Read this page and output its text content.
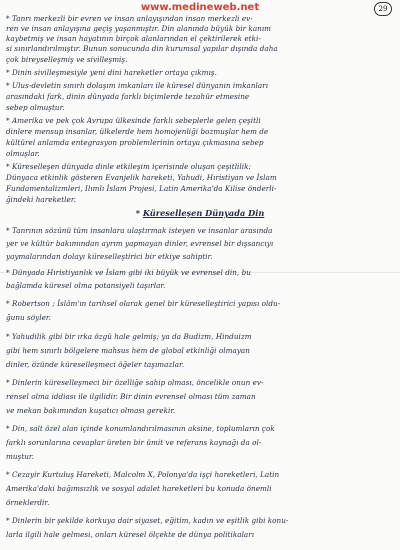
www.medineweb.net	29
* Tanrı merkezli bir evren ve insan anlayışından insan merkezli ev-
ren ve insan anlayışına geçiş yaşanmıştır. Din alanında büyük bir kanım
kaybetmiş ve insan hayatının birçok alanlarından el çektirilerek etki-
si sınırlandırılmıştır. Bunun sonucunda din kurumsal yapılar dışında daha
çok bireyselleşmiş ve sivilleşmiş.
* Dinin sivilleşmesiyle yeni dini hareketler ortaya çıkmış.
* Ulus-devletin sınırlı dolaşım imkanları ile küresel dünyanın imkanları
arasındaki fark, dinin dünyada farklı biçimlerde tezahür etmesine
sebep olmuştur.
* Amerika ve pek çok Avrupa ülkesinde farklı sebeplerle gelen çeşitli
dinlere mensup insanlar, ülkelerde hem homojenliği bozmuşlar hem de
kültürel anlamda entegrasyon problemlerinin ortaya çıkmasına sebep
olmuşlar.
* Küreselleşen dünyada dinle etkileşim içerisinde oluşan çeşitlilik:
Dünyaca etkinlik gösteren Evanjelik hareketi, Yahudi, Hıristiyan ve İslam
Fundamentalizmleri, Ilımlı İslam Projesi, Latin Amerika'da Kilise önderli-
ğindeki hareketler.
* Küreselleşen Dünyada Din
* Tanrının sözünü tüm insanlara ulaştırmak isteyen ve insanlar arasında
yer ve kültür bakımından ayrım yapmayan dinler, evrensel bir dışsancıyı
yaymalarından dolayı küreselleştirici bir etkiye sahiptir.
* Dünyada Hıristiyanlık ve İslam gibi iki büyük ve evrensel din, bu
bağlamda küresel olma potansiyeli taşırlar.
* Robertson ; İslâm'ın tarihsel olarak genel bir küreselleştirici yapısı oldu-
ğunu söyler.
* Yahudilik gibi bir ırka özgü hale gelmiş; ya da Budizm, Hinduizm
gibi hem sınırlı bölgelere mahsus hem de global etkinliği olmayan
dinler, özünde küreselleşmeci öğeler taşımazlar.
* Dinlerin küreselleşmeci bir özelliğe sahip olması, öncelikle onun ev-
rensel olma iddiası ile ilgilidir. Bir dinin evrensel olması tüm zaman
ve mekan bakımından kuşatıcı olması gerekir.
* Din, salt özel alan içinde konumlandırılmasının aksine, toplumların çok
farklı sorunlarına cevaplar üreten bir ümit ve referans kaynağı da ol-
muştur.
* Cezayir Kurtuluş Hareketi, Malcolm X, Polonya'da işçi hareketleri, Latin
Amerika'daki bağımsızlık ve sosyal adalet hareketleri bu konuda önemli
örneklerdir.
* Dinlerin bir şekilde korkuya dair siyaset, eğitim, kadın ve eşitlik gibi konu-
larla ilgili hale gelmesi, onları küresel ölçekte de dünya politikaları
